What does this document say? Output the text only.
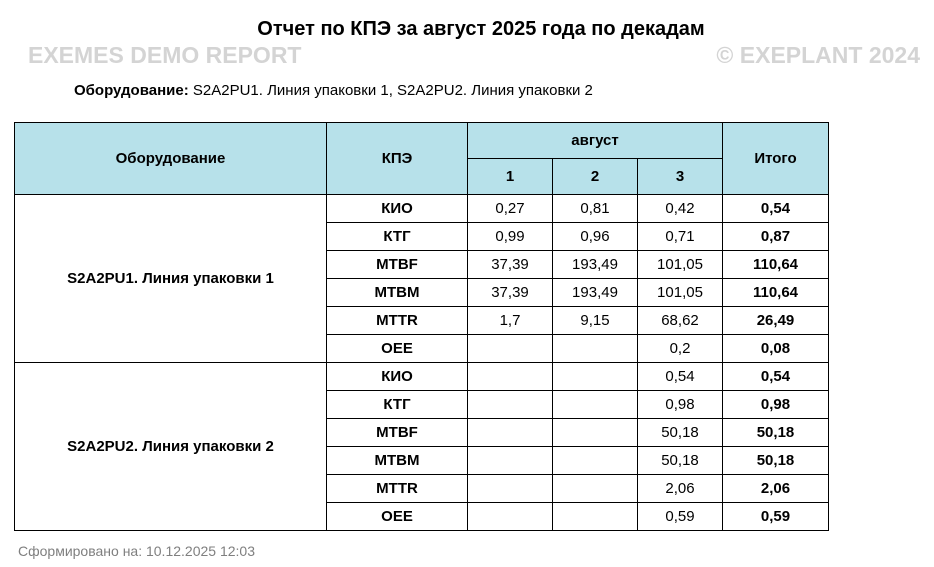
Отчет по КПЭ за август 2025 года по декадам
EXEMES DEMO REPORT	© EXEPLANT 2024
Оборудование: S2A2PU1. Линия упаковки 1, S2A2PU2. Линия упаковки 2
Оборудование	КПЭ	август			Итого
		1	2	3	
S2A2PU1. Линия упаковки 1	КИО	0,27	0,81	0,42	0,54
	КТГ	0,99	0,96	0,71	0,87
	MTBF	37,39	193,49	101,05	110,64
	MTBM	37,39	193,49	101,05	110,64
	MTTR	1,7	9,15	68,62	26,49
	OEE			0,2	0,08
S2A2PU2. Линия упаковки 2	КИО			0,54	0,54
	КТГ			0,98	0,98
	MTBF			50,18	50,18
	MTBM			50,18	50,18
	MTTR			2,06	2,06
	OEE			0,59	0,59
Сформировано на: 10.12.2025 12:03
